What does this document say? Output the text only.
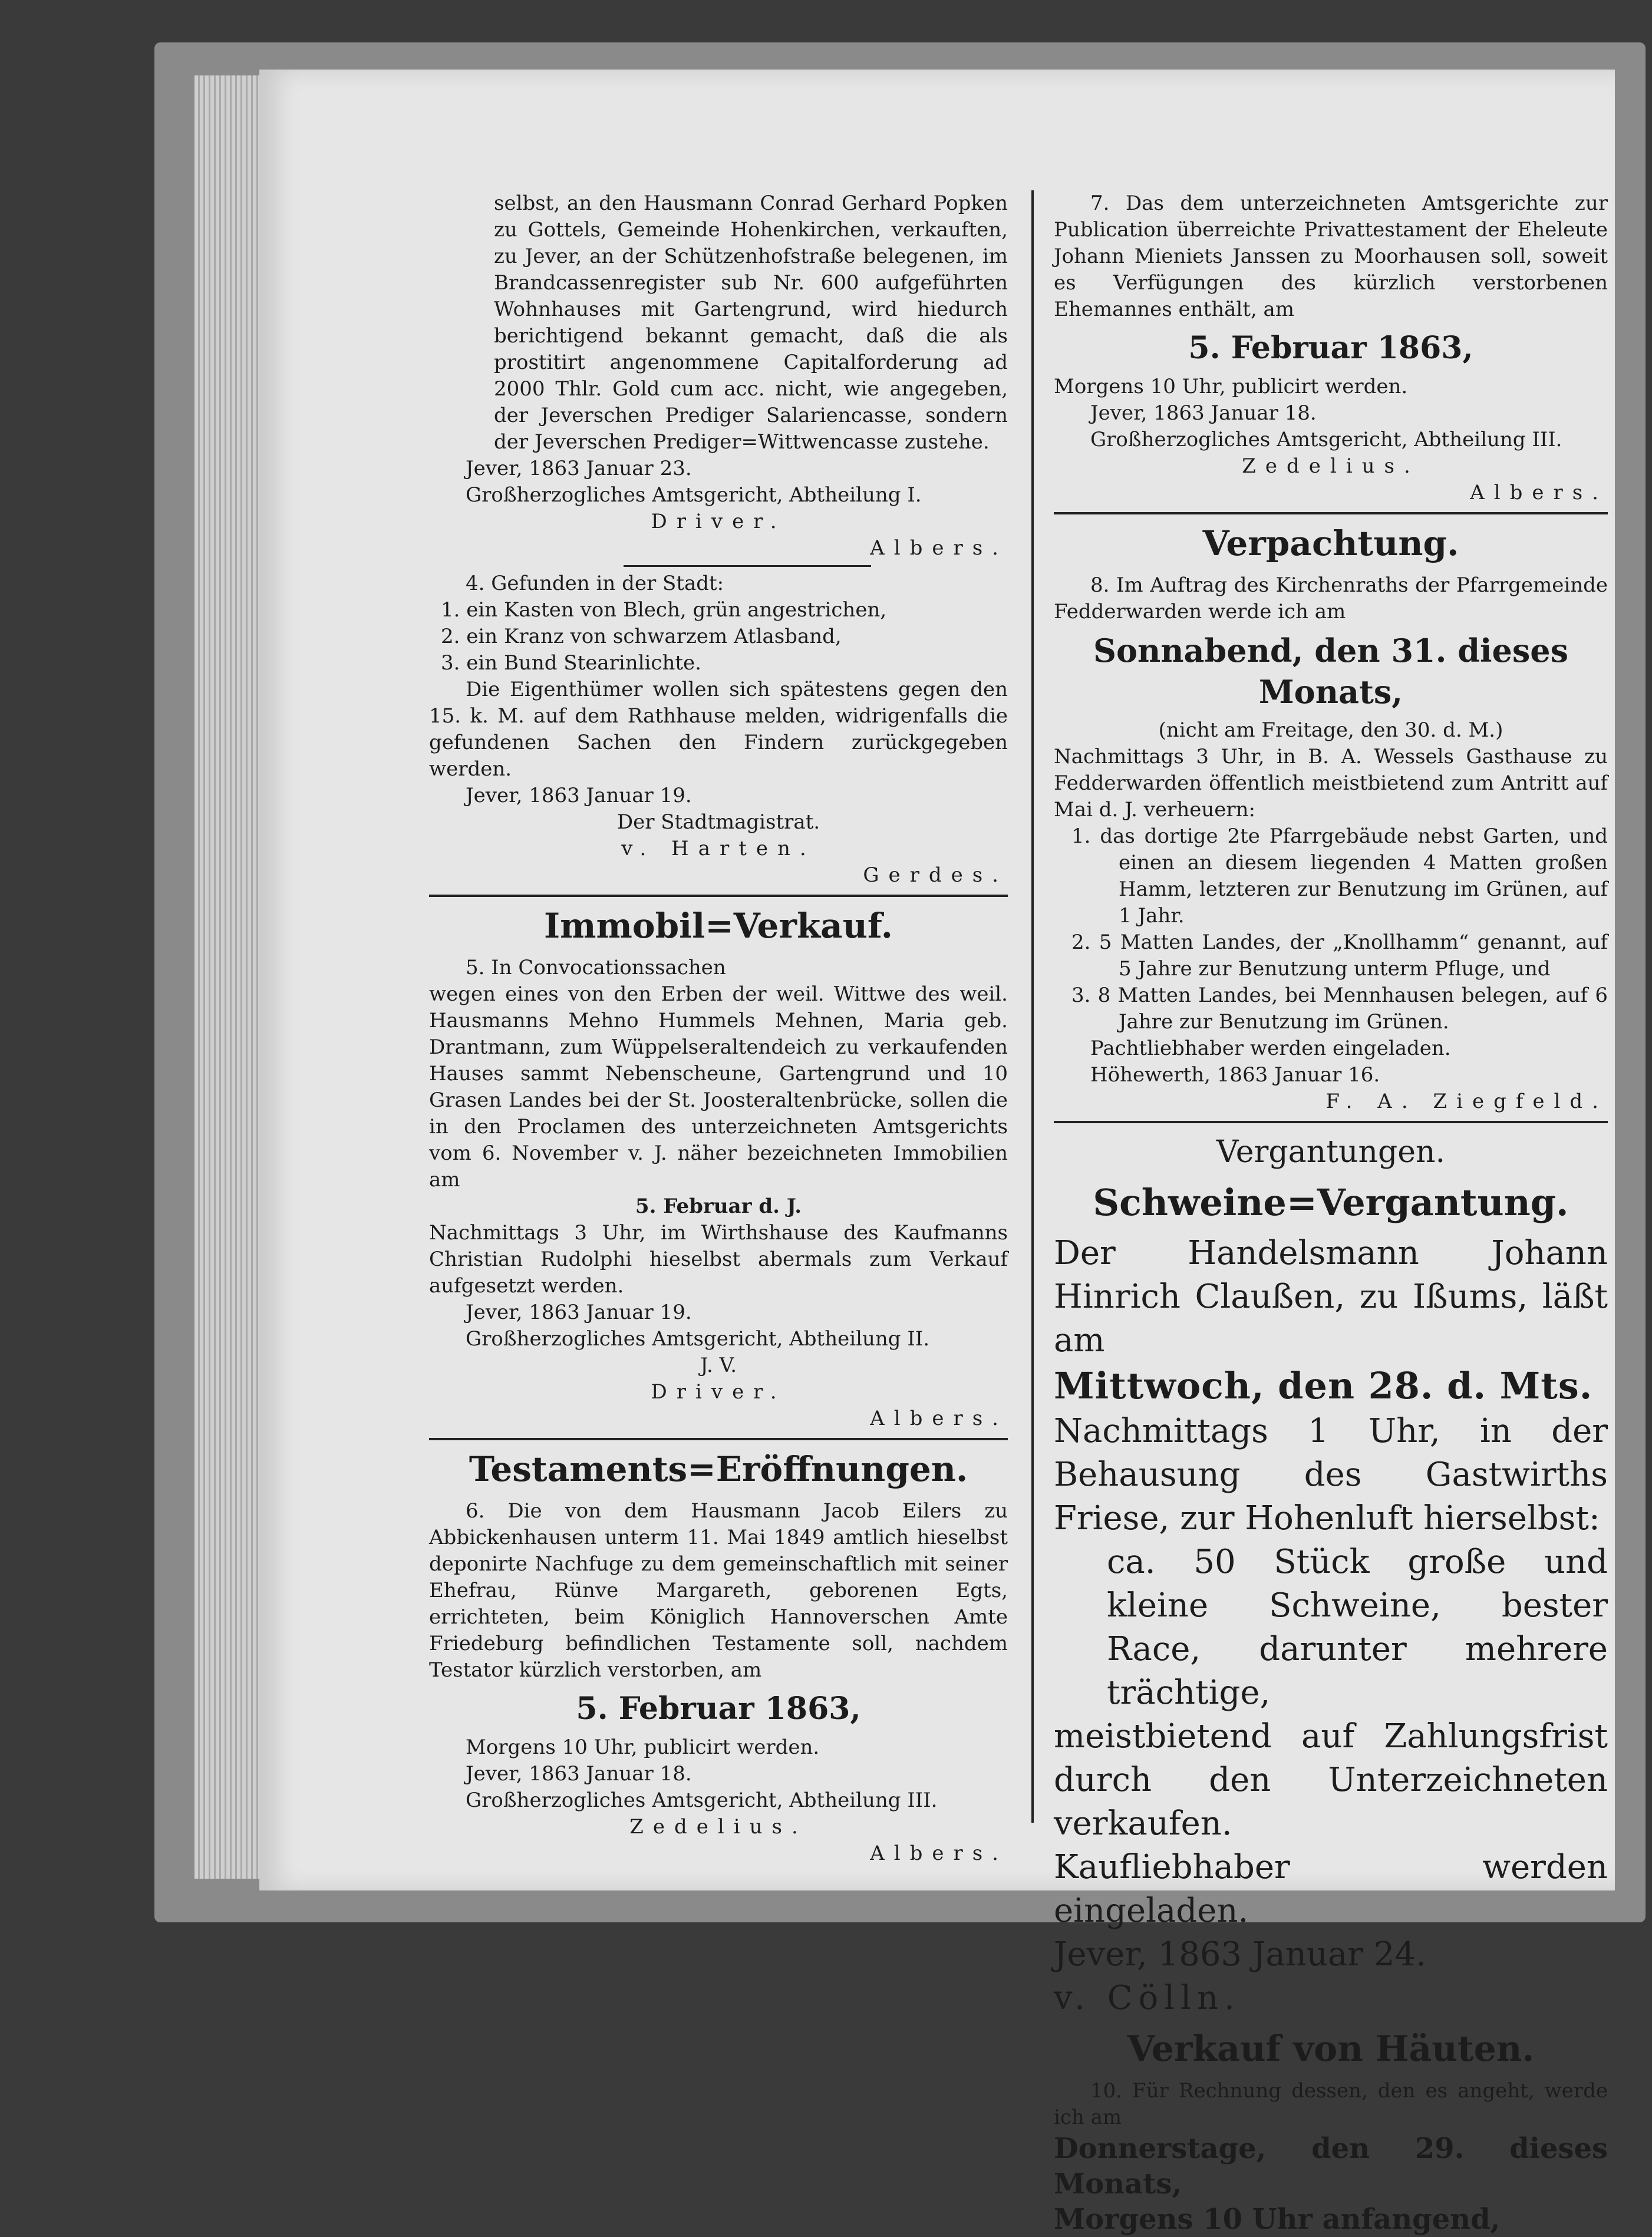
selbst, an den Hausmann Conrad Gerhard Popken zu Gottels, Gemeinde Hohenkirchen, verkauften, zu Jever, an der Schützenhofstraße belegenen, im Brandcassenregister sub Nr. 600 aufgeführten Wohnhauses mit Gartengrund, wird hiedurch berichtigend bekannt gemacht, daß die als prostitirt angenommene Capitalforderung ad 2000 Thlr. Gold cum acc. nicht, wie angegeben, der Jeverschen Prediger Salariencasse, sondern der Jeverschen Prediger=Wittwencasse zustehe.

Jever, 1863 Januar 23.

Großherzogliches Amtsgericht, Abtheilung I.

Driver.

Albers.

4. Gefunden in der Stadt:

1. ein Kasten von Blech, grün angestrichen,

2. ein Kranz von schwarzem Atlasband,

3. ein Bund Stearinlichte.

Die Eigenthümer wollen sich spätestens gegen den 15. k. M. auf dem Rathhause melden, widrigenfalls die gefundenen Sachen den Findern zurückgegeben werden.

Jever, 1863 Januar 19.

Der Stadtmagistrat.

v. Harten.

Gerdes.

Immobil=Verkauf.

5. In Convocationssachen

wegen eines von den Erben der weil. Wittwe des weil. Hausmanns Mehno Hummels Mehnen, Maria geb. Drantmann, zum Wüppelseraltendeich zu verkaufenden Hauses sammt Nebenscheune, Gartengrund und 10 Grasen Landes bei der St. Joosteraltenbrücke, sollen die in den Proclamen des unterzeichneten Amtsgerichts vom 6. November v. J. näher bezeichneten Immobilien am

5. Februar d. J.

Nachmittags 3 Uhr, im Wirthshause des Kaufmanns Christian Rudolphi hieselbst abermals zum Verkauf aufgesetzt werden.

Jever, 1863 Januar 19.

Großherzogliches Amtsgericht, Abtheilung II.

J. V.

Driver.

Albers.

Testaments=Eröffnungen.

6. Die von dem Hausmann Jacob Eilers zu Abbickenhausen unterm 11. Mai 1849 amtlich hieselbst deponirte Nachfuge zu dem gemeinschaftlich mit seiner Ehefrau, Rünve Margareth, geborenen Egts, errichteten, beim Königlich Hannoverschen Amte Friedeburg befindlichen Testamente soll, nachdem Testator kürzlich verstorben, am

5. Februar 1863,

Morgens 10 Uhr, publicirt werden.

Jever, 1863 Januar 18.

Großherzogliches Amtsgericht, Abtheilung III.

Zedelius.

Albers.

7. Das dem unterzeichneten Amtsgerichte zur Publication überreichte Privattestament der Eheleute Johann Mieniets Janssen zu Moorhausen soll, soweit es Verfügungen des kürzlich verstorbenen Ehemannes enthält, am

5. Februar 1863,

Morgens 10 Uhr, publicirt werden.

Jever, 1863 Januar 18.

Großherzogliches Amtsgericht, Abtheilung III.

Zedelius.

Albers.

Verpachtung.

8. Im Auftrag des Kirchenraths der Pfarrgemeinde Fedderwarden werde ich am

Sonnabend, den 31. dieses Monats,

(nicht am Freitage, den 30. d. M.)

Nachmittags 3 Uhr, in B. A. Wessels Gasthause zu Fedderwarden öffentlich meistbietend zum Antritt auf Mai d. J. verheuern:

1. das dortige 2te Pfarrgebäude nebst Garten, und einen an diesem liegenden 4 Matten großen Hamm, letzteren zur Benutzung im Grünen, auf 1 Jahr.

2. 5 Matten Landes, der „Knollhamm“ genannt, auf 5 Jahre zur Benutzung unterm Pfluge, und

3. 8 Matten Landes, bei Mennhausen belegen, auf 6 Jahre zur Benutzung im Grünen.

Pachtliebhaber werden eingeladen.

Höhewerth, 1863 Januar 16.

F. A. Ziegfeld.

Vergantungen.
Schweine=Vergantung.

Der Handelsmann Johann Hinrich Claußen, zu Ißums, läßt am

Mittwoch, den 28. d. Mts.

Nachmittags 1 Uhr, in der Behausung des Gastwirths Friese, zur Hohenluft hierselbst:

ca. 50 Stück große und kleine Schweine, bester Race, darunter mehrere trächtige,

meistbietend auf Zahlungsfrist durch den Unterzeichneten verkaufen.

Kaufliebhaber werden eingeladen.

Jever, 1863 Januar 24.

v. Cölln.

Verkauf von Häuten.

10. Für Rechnung dessen, den es angeht, werde ich am

Donnerstage, den 29. dieses Monats,

Morgens 10 Uhr anfangend,
